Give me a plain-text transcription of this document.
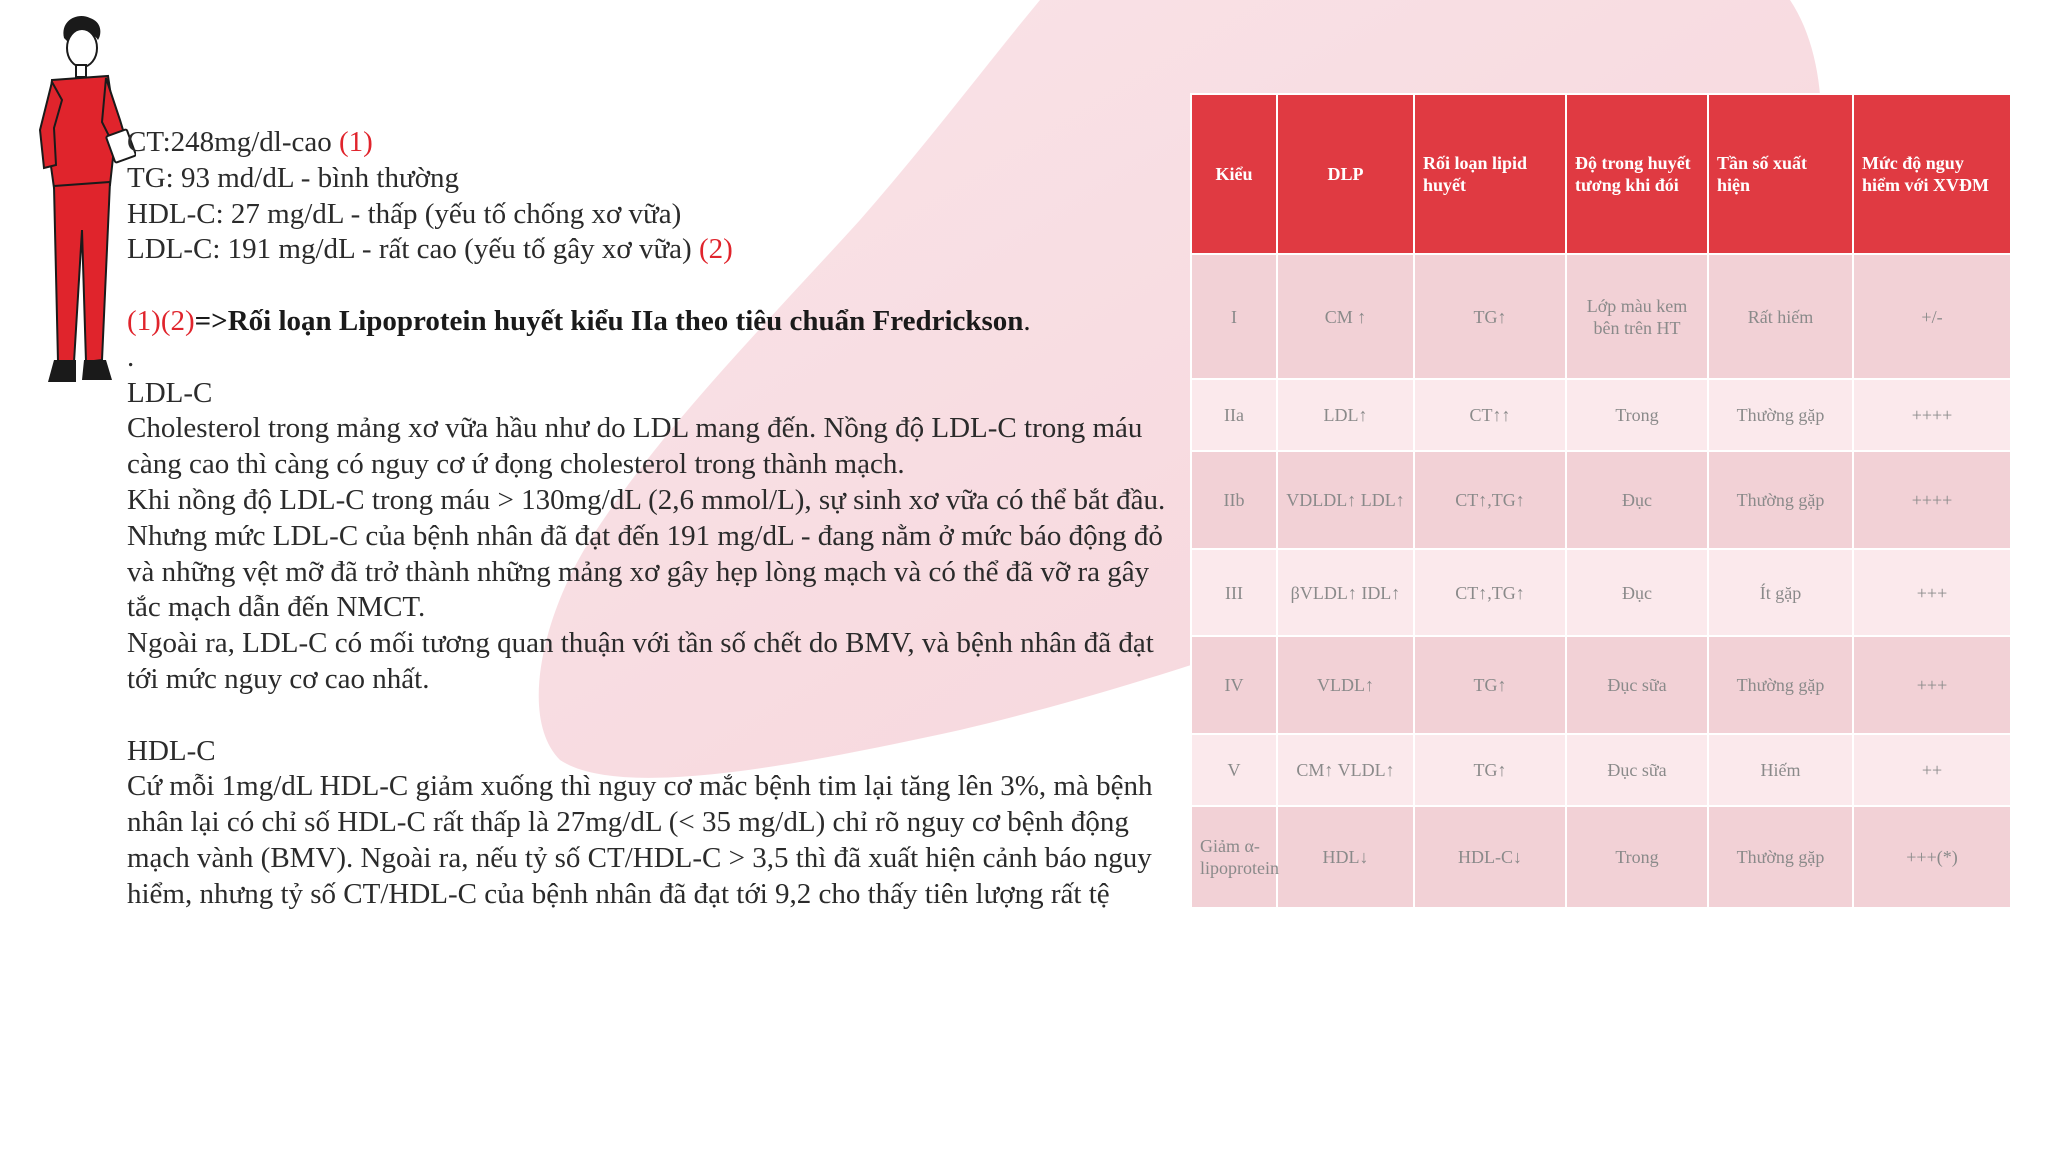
CT:248mg/dl-cao (1)

TG: 93 md/dL - bình thường

HDL-C: 27 mg/dL - thấp (yếu tố chống xơ vữa)

LDL-C: 191 mg/dL - rất cao (yếu tố gây xơ vữa) (2)

(1)(2)=>Rối loạn Lipoprotein huyết kiểu IIa theo tiêu chuẩn Fredrickson.

.

LDL-C

Cholesterol trong mảng xơ vữa hầu như do LDL mang đến. Nồng độ LDL-C trong máu càng cao thì càng có nguy cơ ứ đọng cholesterol trong thành mạch.

Khi nồng độ LDL-C trong máu > 130mg/dL (2,6 mmol/L), sự sinh xơ vữa có thể bắt đầu. Nhưng mức LDL-C của bệnh nhân đã đạt đến 191 mg/dL - đang nằm ở mức báo động đỏ và những vệt mỡ đã trở thành những mảng xơ gây hẹp lòng mạch và có thể đã vỡ ra gây tắc mạch dẫn đến NMCT.

Ngoài ra, LDL-C có mối tương quan thuận với tần số chết do BMV, và bệnh nhân đã đạt tới mức nguy cơ cao nhất.

HDL-C

Cứ mỗi 1mg/dL HDL-C giảm xuống thì nguy cơ mắc bệnh tim lại tăng lên 3%, mà bệnh nhân lại có chỉ số HDL-C rất thấp là 27mg/dL (< 35 mg/dL) chỉ rõ nguy cơ bệnh động mạch vành (BMV). Ngoài ra, nếu tỷ số CT/HDL-C > 3,5 thì đã xuất hiện cảnh báo nguy hiểm, nhưng tỷ số CT/HDL-C của bệnh nhân đã đạt tới 9,2 cho thấy tiên lượng rất tệ

Kiểu	DLP	Rối loạn lipid huyết	Độ trong huyết tương khi đói	Tần số xuất hiện	Mức độ nguy hiểm với XVĐM
I	CM ↑	TG↑	Lớp màu kem bên trên HT	Rất hiếm	+/-
IIa	LDL↑	CT↑↑	Trong	Thường gặp	++++
IIb	VDLDL↑ LDL↑	CT↑,TG↑	Đục	Thường gặp	++++
III	βVLDL↑ IDL↑	CT↑,TG↑	Đục	Ít gặp	+++
IV	VLDL↑	TG↑	Đục sữa	Thường gặp	+++
V	CM↑ VLDL↑	TG↑	Đục sữa	Hiếm	++
Giảm α-lipoprotein	HDL↓	HDL-C↓	Trong	Thường gặp	+++(*)
